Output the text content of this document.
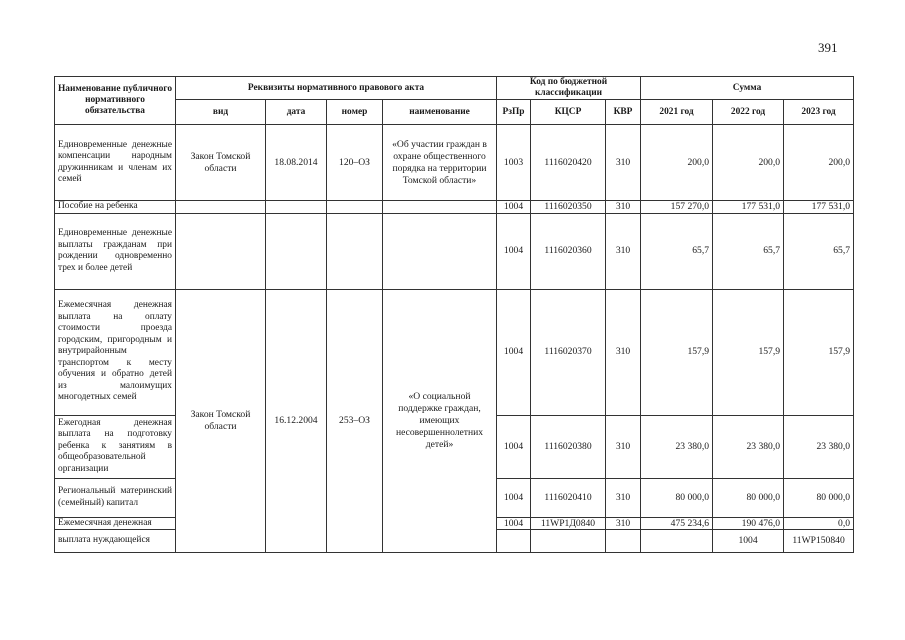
391
Наименование публичного нормативного обязательства	Реквизиты нормативного правового акта				Код по бюджетной классификации			Сумма			
	вид	дата	номер	наименование	РзПр	КЦСР	КВР	2021 год	2022 год	2023 год	
Единовременные денежные компенсации народным дружинникам и членам их семей	Закон Томской области	18.08.2014	120–ОЗ	«Об участии граждан в охране общественного порядка на территории Томской области»	1003	1116020420	310	200,0	200,0	200,0	
Пособие на ребенка					1004	1116020350	310	157 270,0	177 531,0	177 531,0	
Единовременные денежные выплаты гражданам при рождении одновременно трех и более детей					1004	1116020360	310	65,7	65,7	65,7	
Ежемесячная денежная выплата на оплату стоимости проезда городским, пригородным и внутрирайонным транспортом к месту обучения и обратно детей из малоимущих многодетных семей	Закон Томской области	16.12.2004	253–ОЗ	«О социальной поддержке граждан, имеющих несовершеннолетних детей»	1004	1116020370	310	157,9	157,9	157,9	
Ежегодная денежная выплата на подготовку ребенка к занятиям в общеобразовательной организации					1004	1116020380	310	23 380,0	23 380,0	23 380,0	
Региональный материнский (семейный) капитал					1004	1116020410	310	80 000,0	80 000,0	80 000,0	
Ежемесячная денежная					1004	11WP1Д0840	310	475 234,6	190 476,0	0,0	
выплата нуждающейся									1004	11WP150840				
